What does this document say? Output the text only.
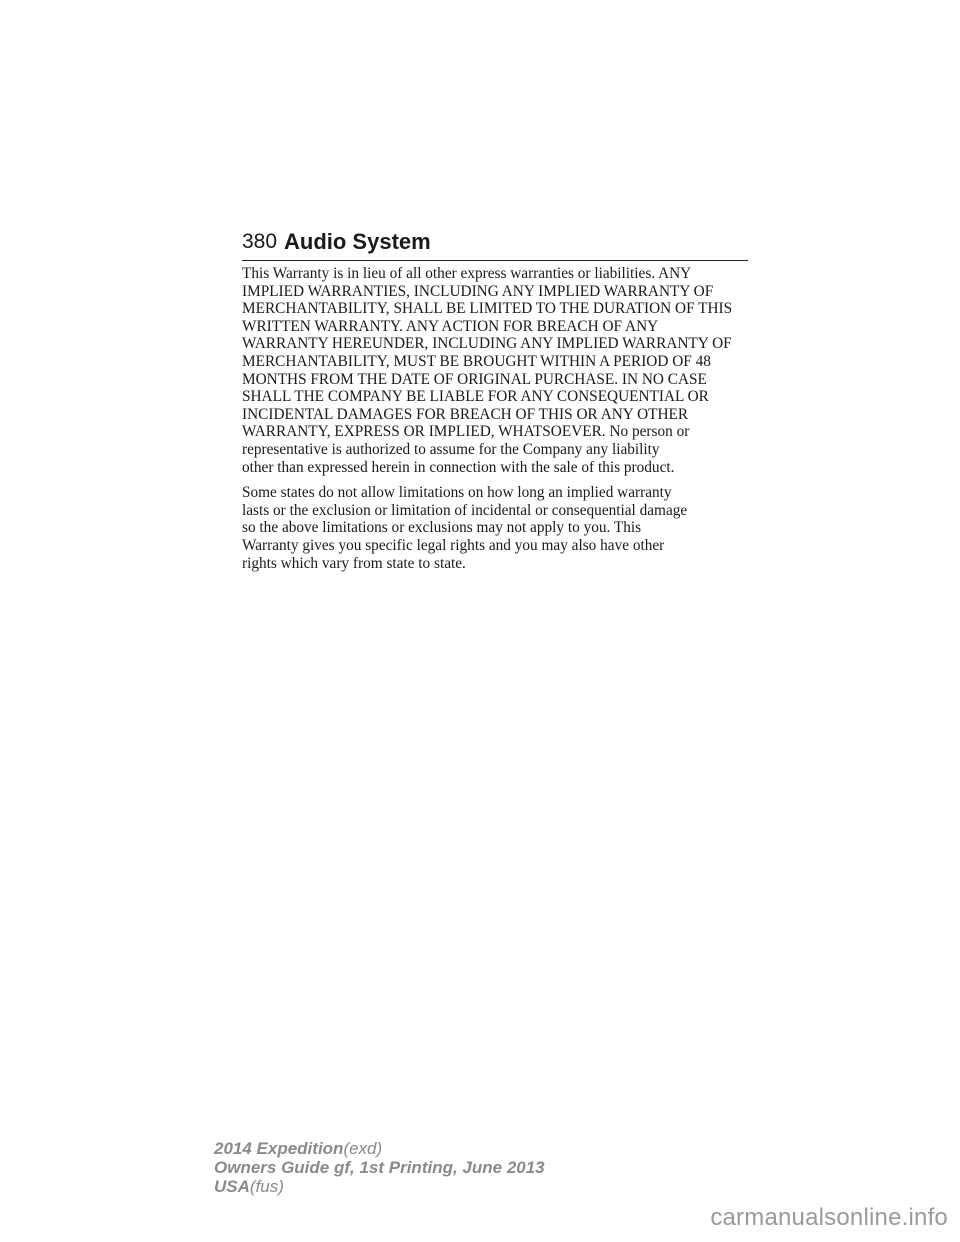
380 Audio System

This Warranty is in lieu of all other express warranties or liabilities. ANY
IMPLIED WARRANTIES, INCLUDING ANY IMPLIED WARRANTY OF
MERCHANTABILITY, SHALL BE LIMITED TO THE DURATION OF THIS
WRITTEN WARRANTY. ANY ACTION FOR BREACH OF ANY
WARRANTY HEREUNDER, INCLUDING ANY IMPLIED WARRANTY OF
MERCHANTABILITY, MUST BE BROUGHT WITHIN A PERIOD OF 48
MONTHS FROM THE DATE OF ORIGINAL PURCHASE. IN NO CASE
SHALL THE COMPANY BE LIABLE FOR ANY CONSEQUENTIAL OR
INCIDENTAL DAMAGES FOR BREACH OF THIS OR ANY OTHER
WARRANTY, EXPRESS OR IMPLIED, WHATSOEVER. No person or
representative is authorized to assume for the Company any liability
other than expressed herein in connection with the sale of this product.

Some states do not allow limitations on how long an implied warranty
lasts or the exclusion or limitation of incidental or consequential damage
so the above limitations or exclusions may not apply to you. This
Warranty gives you specific legal rights and you may also have other
rights which vary from state to state.

2014 Expedition(exd)
Owners Guide gf, 1st Printing, June 2013
USA(fus)
carmanualsonline.info
